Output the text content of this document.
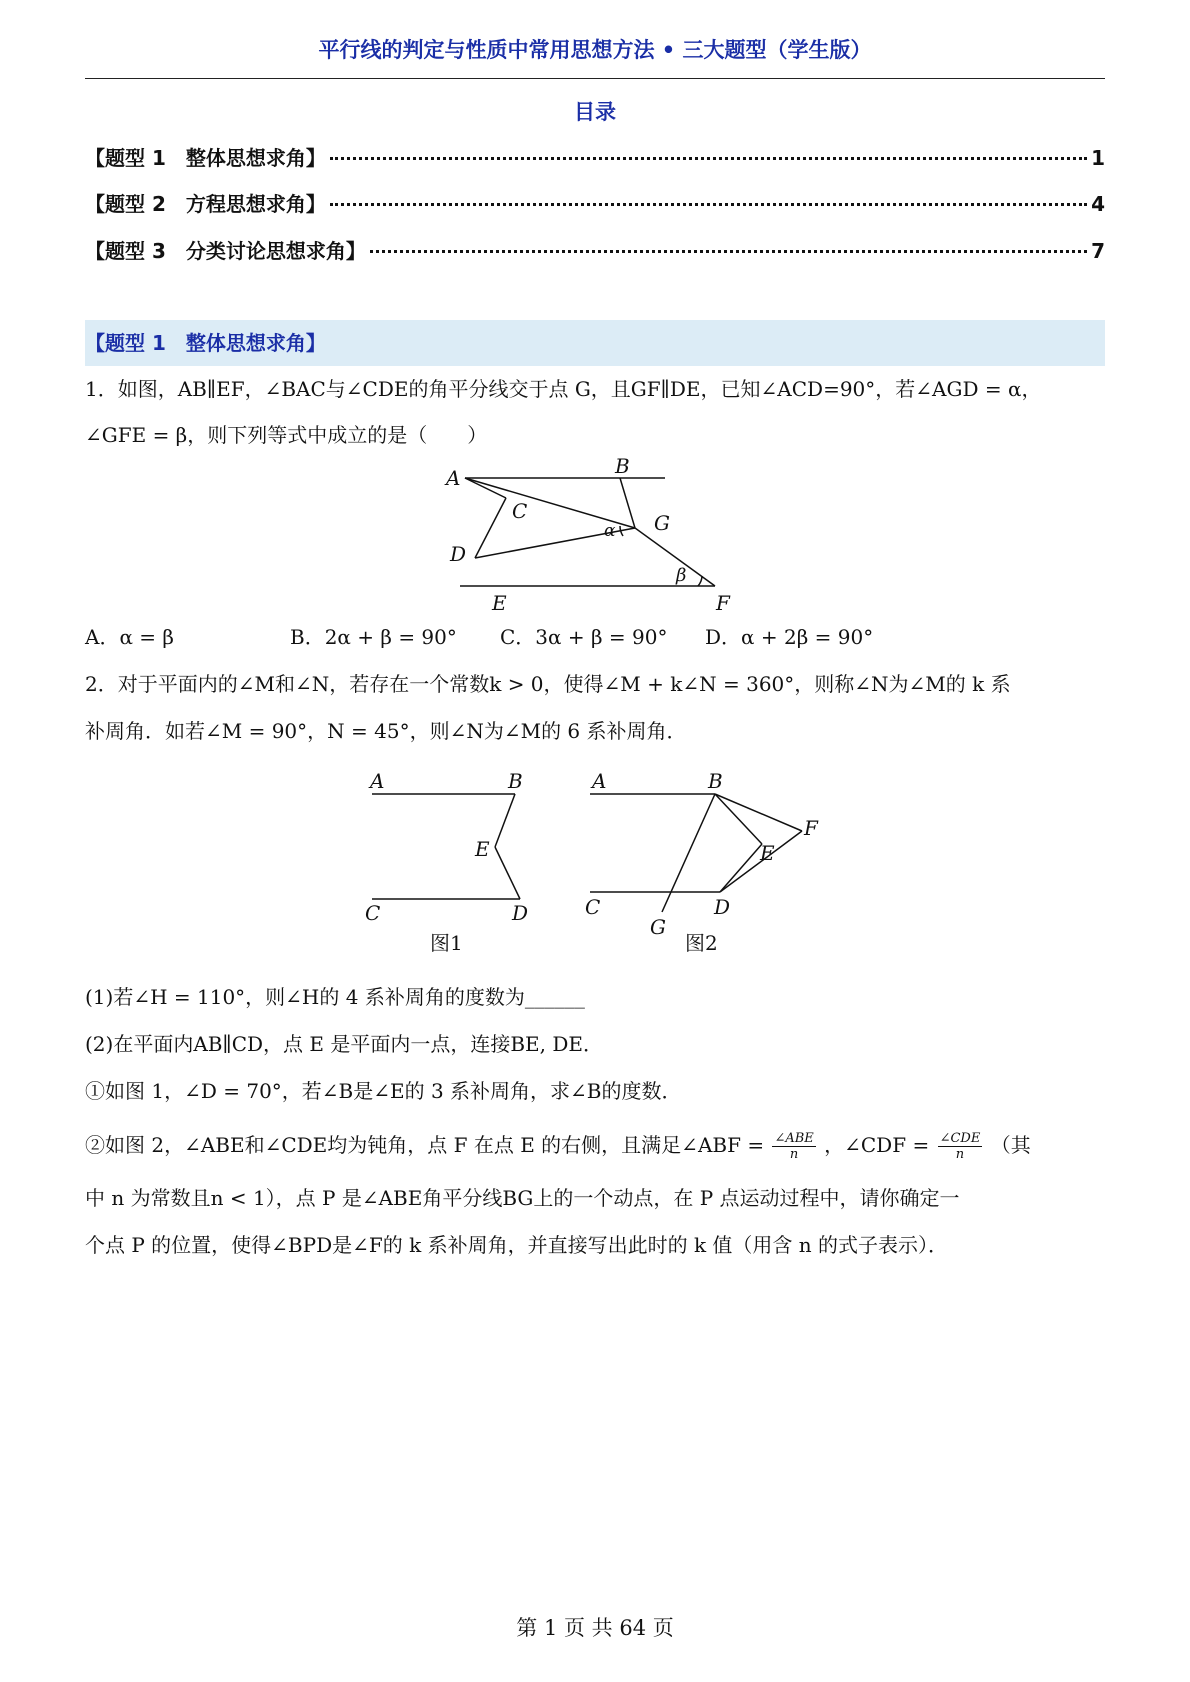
平行线的判定与性质中常用思想方法 • 三大题型（学生版）
目录
【题型 1　整体思想求角】	1
【题型 2　方程思想求角】	4
【题型 3　分类讨论思想求角】	7
【题型 1　整体思想求角】
1．如图，AB∥EF，∠BAC与∠CDE的角平分线交于点 G，且GF∥DE，已知∠ACD=90°，若∠AGD = α，
∠GFE = β，则下列等式中成立的是（　　）
A	B
C
α G
D
β
E	F
A．α = β	B．2α + β = 90° C．3α + β = 90° D．α + 2β = 90°
2．对于平面内的∠M和∠N，若存在一个常数k > 0，使得∠M + k∠N = 360°，则称∠N为∠M的 k 系
补周角．如若∠M = 90°，N = 45°，则∠N为∠M的 6 系补周角．
A	B
E
C	D
图1
A	B
E
F
C	D
G
图2
(1)若∠H = 110°，则∠H的 4 系补周角的度数为______
(2)在平面内AB∥CD，点 E 是平面内一点，连接BE, DE．
①如图 1，∠D = 70°，若∠B是∠E的 3 系补周角，求∠B的度数．
②如图 2，∠ABE和∠CDE均为钝角，点 F 在点 E 的右侧，且满足∠ABF = $\frac{\text{∠ABE}}{n}$ ，∠CDF = $\frac{\text{∠CDE}}{n}$ （其
中 n 为常数且n < 1），点 P 是∠ABE角平分线BG上的一个动点，在 P 点运动过程中，请你确定一
个点 P 的位置，使得∠BPD是∠F的 k 系补周角，并直接写出此时的 k 值（用含 n 的式子表示）．
第 1 页 共 64 页
